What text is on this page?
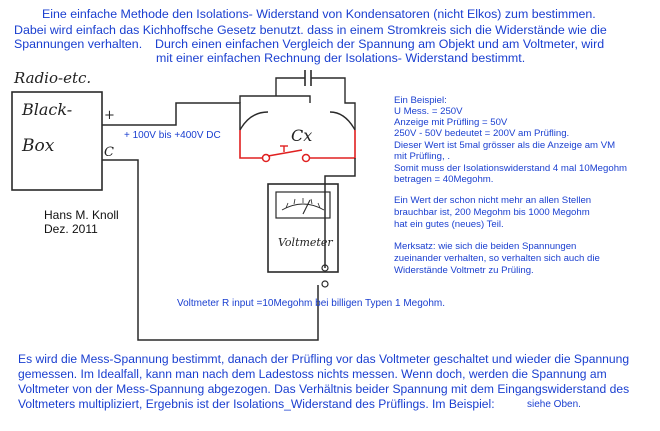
Eine einfache Methode den Isolations- Widerstand von Kondensatoren (nicht Elkos) zum bestimmen.
Dabei wird einfach das Kichhoffsche Gesetz benutzt. dass in einem Stromkreis sich die Widerstände wie die
Spannungen verhalten. Durch einen einfachen Vergleich der Spannung am Objekt und am Voltmeter, wird
mit einer einfachen Rechnung der Isolations- Widerstand bestimmt.
Radio-etc.
Black-
Box
+
C
Cx
Voltmeter
+ 100V bis +400V DC
Voltmeter R input =10Megohm bei billigen Typen 1 Megohm.
Hans M. Knoll
Dez. 2011
Ein Beispiel:
U Mess. = 250V
Anzeige mit Prüfling = 50V
250V - 50V bedeutet = 200V am Prüfling.
Dieser Wert ist 5mal grösser als die Anzeige am VM
mit Prüfling, .
Somit muss der Isolationswiderstand 4 mal 10Megohm
betragen = 40Megohm.
Ein Wert der schon nicht mehr an allen Stellen
brauchbar ist, 200 Megohm bis 1000 Megohm
hat ein gutes (neues) Teil.
Merksatz: wie sich die beiden Spannungen
zueinander verhalten, so verhalten sich auch die
Widerstände Voltmetr zu Prüling.
Es wird die Mess-Spannung bestimmt, danach der Prüfling vor das Voltmeter geschaltet und wieder die Spannung
gemessen. Im Idealfall, kann man nach dem Ladestoss nichts messen. Wenn doch, werden die Spannung am
Voltmeter von der Mess-Spannung abgezogen. Das Verhältnis beider Spannung mit dem Eingangswiderstand des
Voltmeters multipliziert, Ergebnis ist der Isolations_Widerstand des Prüflings. Im Beispiel:	siehe Oben.
